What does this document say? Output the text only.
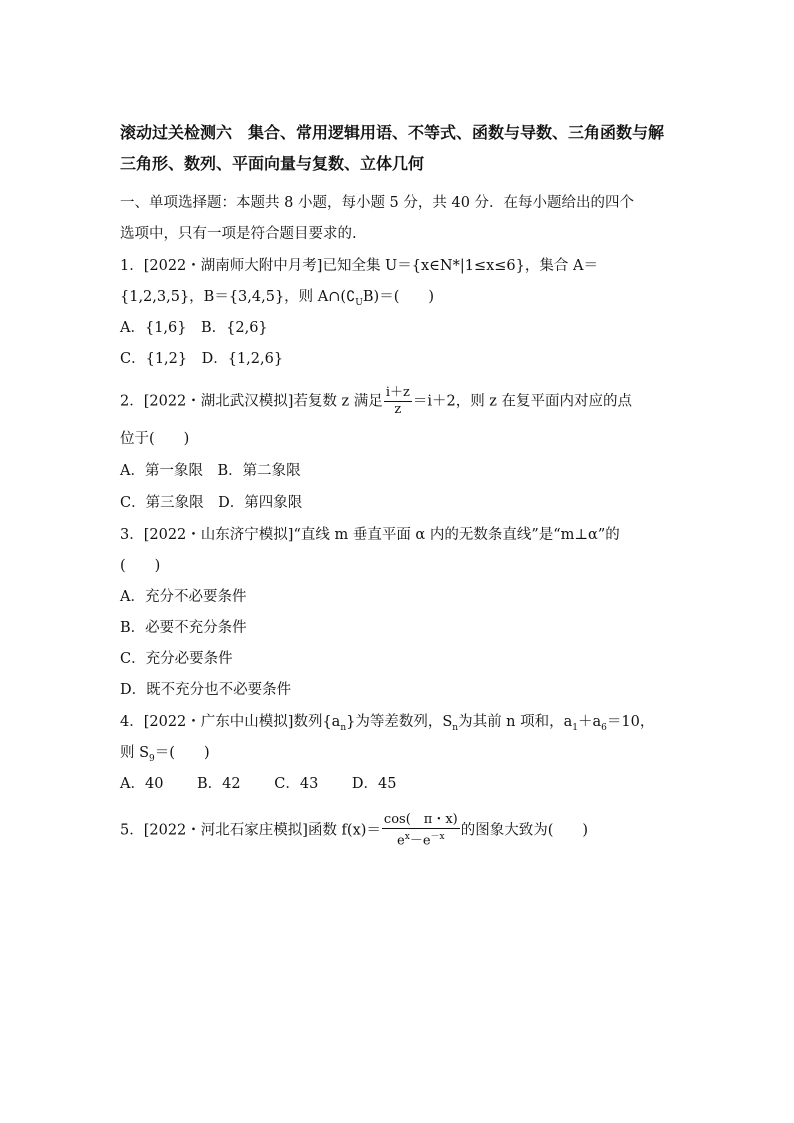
滚动过关检测六　集合、常用逻辑用语、不等式、函数与导数、三角函数与解
三角形、数列、平面向量与复数、立体几何
一、单项选择题：本题共 8 小题，每小题 5 分，共 40 分．在每小题给出的四个
选项中，只有一项是符合题目要求的.
1．[2022・湖南师大附中月考]已知全集 U＝{x∈N*|1≤x≤6}，集合 A＝
{1,2,3,5}，B＝{3,4,5}，则 $A\cap(∁_UB)=$(　　)
A．{1,6}　B．{2,6}
C．{1,2}　D．{1,2,6}
2．[2022・湖北武汉模拟]若复数 z 满足 $\frac{i+z}{z} =i+2$，则 z 在复平面内对应的点
位于(　　)
A．第一象限　B．第二象限
C．第三象限　D．第四象限
3．[2022・山东济宁模拟]“直线 m 垂直平面 α 内的无数条直线”是“m⊥α”的
(　　)
A．充分不必要条件
B．必要不充分条件
C．充分必要条件
D．既不充分也不必要条件
4．[2022・广东中山模拟]数列$\{a_n\}$为等差数列，$S_n$为其前 n 项和，$a_1+a_6=10$，
则 $S_9=$(　　)
A．40　　 B．42　　 C．43　　 D．45
5．[2022・河北石家庄模拟]函数 $f(x)= \frac{\cos( \pi・x)}{e^x-e^{-x}}$ 的图象大致为(　　)
